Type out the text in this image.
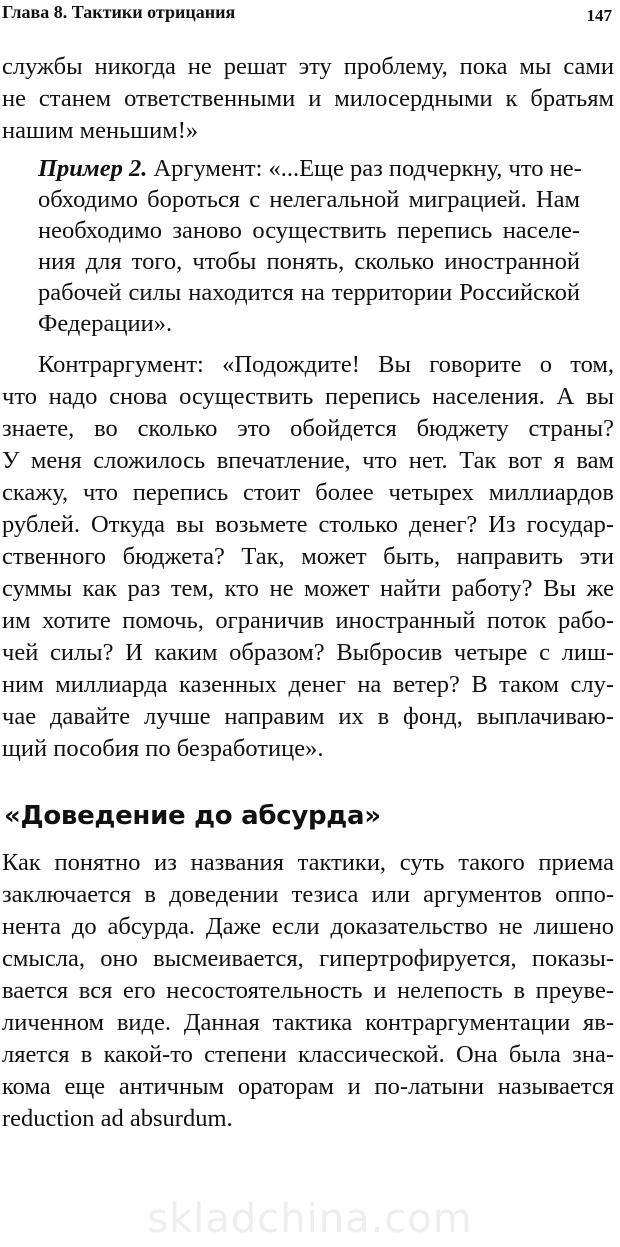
Глава 8. Тактики отрицания	147
службы никогда не решат эту проблему, пока мы сами
не станем ответственными и милосердными к братьям
нашим меньшим!»
Пример 2. Аргумент: «...Еще раз подчеркну, что не-
обходимо бороться с нелегальной миграцией. Нам
необходимо заново осуществить перепись населе-
ния для того, чтобы понять, сколько иностранной
рабочей силы находится на территории Российской
Федерации».
Контраргумент: «Подождите! Вы говорите о том,
что надо снова осуществить перепись населения. А вы
знаете, во сколько это обойдется бюджету страны?
У меня сложилось впечатление, что нет. Так вот я вам
скажу, что перепись стоит более четырех миллиардов
рублей. Откуда вы возьмете столько денег? Из государ-
ственного бюджета? Так, может быть, направить эти
суммы как раз тем, кто не может найти работу? Вы же
им хотите помочь, ограничив иностранный поток рабо-
чей силы? И каким образом? Выбросив четыре с лиш-
ним миллиарда казенных денег на ветер? В таком слу-
чае давайте лучше направим их в фонд, выплачиваю-
щий пособия по безработице».
«Доведение до абсурда»
Как понятно из названия тактики, суть такого приема
заключается в доведении тезиса или аргументов оппо-
нента до абсурда. Даже если доказательство не лишено
смысла, оно высмеивается, гипертрофируется, показы-
вается вся его несостоятельность и нелепость в преуве-
личенном виде. Данная тактика контраргументации яв-
ляется в какой-то степени классической. Она была зна-
кома еще античным ораторам и по-латыни называется
reduction ad absurdum.
skladchina.com
